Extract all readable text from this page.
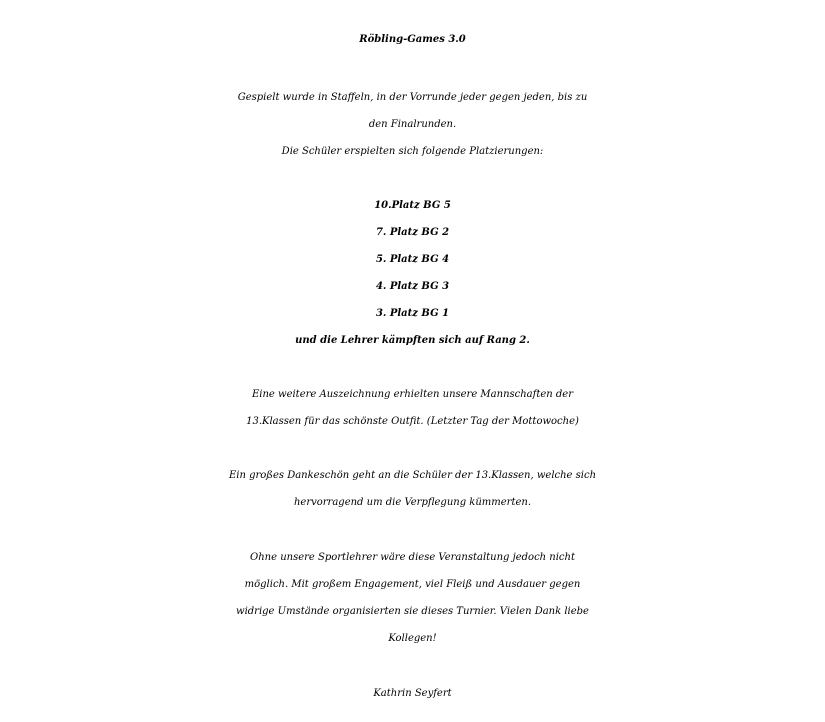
Röbling-Games 3.0
Gespielt wurde in Staffeln, in der Vorrunde jeder gegen jeden, bis zu
den Finalrunden.
Die Schüler erspielten sich folgende Platzierungen:
10.Platz BG 5
7. Platz BG 2
5. Platz BG 4
4. Platz BG 3
3. Platz BG 1
und die Lehrer kämpften sich auf Rang 2.
Eine weitere Auszeichnung erhielten unsere Mannschaften der
13.Klassen für das schönste Outfit. (Letzter Tag der Mottowoche)
Ein großes Dankeschön geht an die Schüler der 13.Klassen, welche sich
hervorragend um die Verpflegung kümmerten.
Ohne unsere Sportlehrer wäre diese Veranstaltung jedoch nicht
möglich. Mit großem Engagement, viel Fleiß und Ausdauer gegen
widrige Umstände organisierten sie dieses Turnier. Vielen Dank liebe
Kollegen!
Kathrin Seyfert
